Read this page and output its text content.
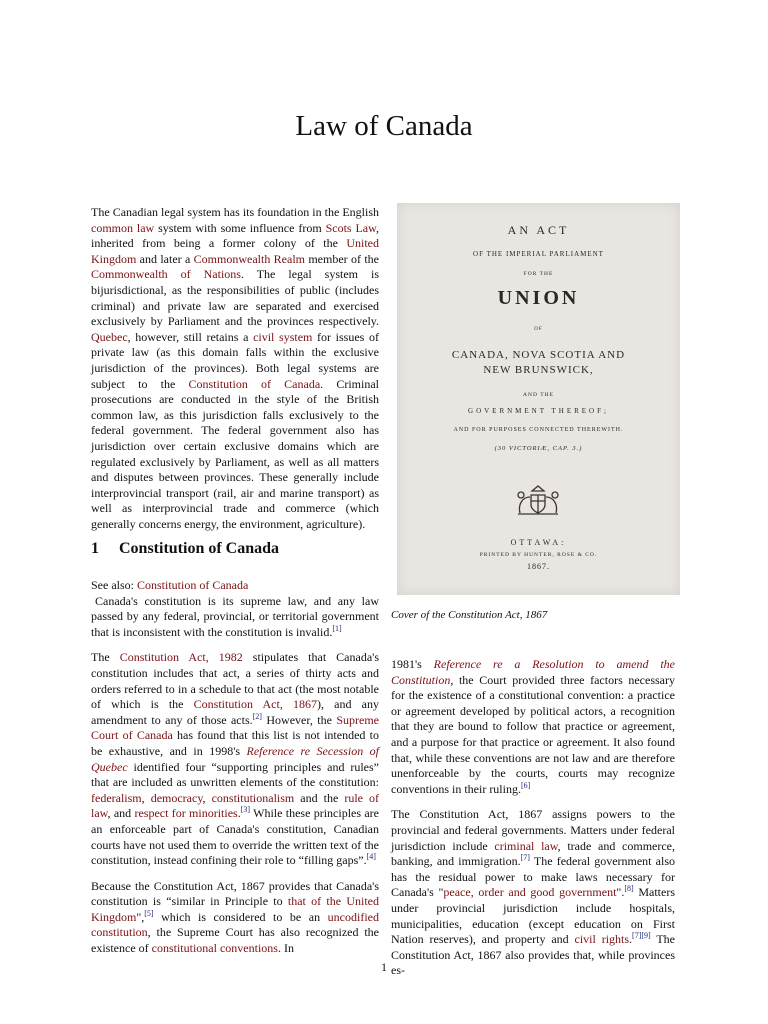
Law of Canada
The Canadian legal system has its foundation in the English common law system with some influence from Scots Law, inherited from being a former colony of the United Kingdom and later a Commonwealth Realm member of the Commonwealth of Nations. The legal system is bijurisdictional, as the responsibilities of public (includes criminal) and private law are separated and exercised exclusively by Parliament and the provinces respectively. Quebec, however, still retains a civil system for issues of private law (as this domain falls within the exclusive jurisdiction of the provinces). Both legal systems are subject to the Constitution of Canada. Criminal prosecutions are conducted in the style of the British common law, as this jurisdiction falls exclusively to the federal government. The federal government also has jurisdiction over certain exclusive domains which are regulated exclusively by Parliament, as well as all matters and disputes between provinces. These generally include interprovincial transport (rail, air and marine transport) as well as interprovincial trade and commerce (which generally concerns energy, the environment, agriculture).
1 Constitution of Canada
See also: Constitution of Canada

Canada's constitution is its supreme law, and any law passed by any federal, provincial, or territorial government that is inconsistent with the constitution is invalid.[1]

The Constitution Act, 1982 stipulates that Canada's constitution includes that act, a series of thirty acts and orders referred to in a schedule to that act (the most notable of which is the Constitution Act, 1867), and any amendment to any of those acts.[2] However, the Supreme Court of Canada has found that this list is not intended to be exhaustive, and in 1998's Reference re Secession of Quebec identified four “supporting principles and rules” that are included as unwritten elements of the constitution: federalism, democracy, constitutionalism and the rule of law, and respect for minorities.[3] While these principles are an enforceable part of Canada's constitution, Canadian courts have not used them to override the written text of the constitution, instead confining their role to “filling gaps”.[4]

Because the Constitution Act, 1867 provides that Canada's constitution is “similar in Principle to that of the United Kingdom",[5] which is considered to be an uncodified constitution, the Supreme Court has also recognized the existence of constitutional conventions. In

AN ACT
OF THE IMPERIAL PARLIAMENT
FOR THE
UNION
OF
CANADA, NOVA SCOTIA AND
NEW BRUNSWICK,
AND THE
GOVERNMENT THEREOF;
AND FOR PURPOSES CONNECTED THEREWITH.
(30 VICTORIÆ, CAP. 3.)
OTTAWA:
PRINTED BY HUNTER, ROSE & CO.
1867.
Cover of the Constitution Act, 1867

1981's Reference re a Resolution to amend the Constitution, the Court provided three factors necessary for the existence of a constitutional convention: a practice or agreement developed by political actors, a recognition that they are bound to follow that practice or agreement, and a purpose for that practice or agreement. It also found that, while these conventions are not law and are therefore unenforceable by the courts, courts may recognize conventions in their ruling.[6]

The Constitution Act, 1867 assigns powers to the provincial and federal governments. Matters under federal jurisdiction include criminal law, trade and commerce, banking, and immigration.[7] The federal government also has the residual power to make laws necessary for Canada's "peace, order and good government".[8] Matters under provincial jurisdiction include hospitals, municipalities, education (except education on First Nation reserves), and property and civil rights.[7][9] The Constitution Act, 1867 also provides that, while provinces es-

1
